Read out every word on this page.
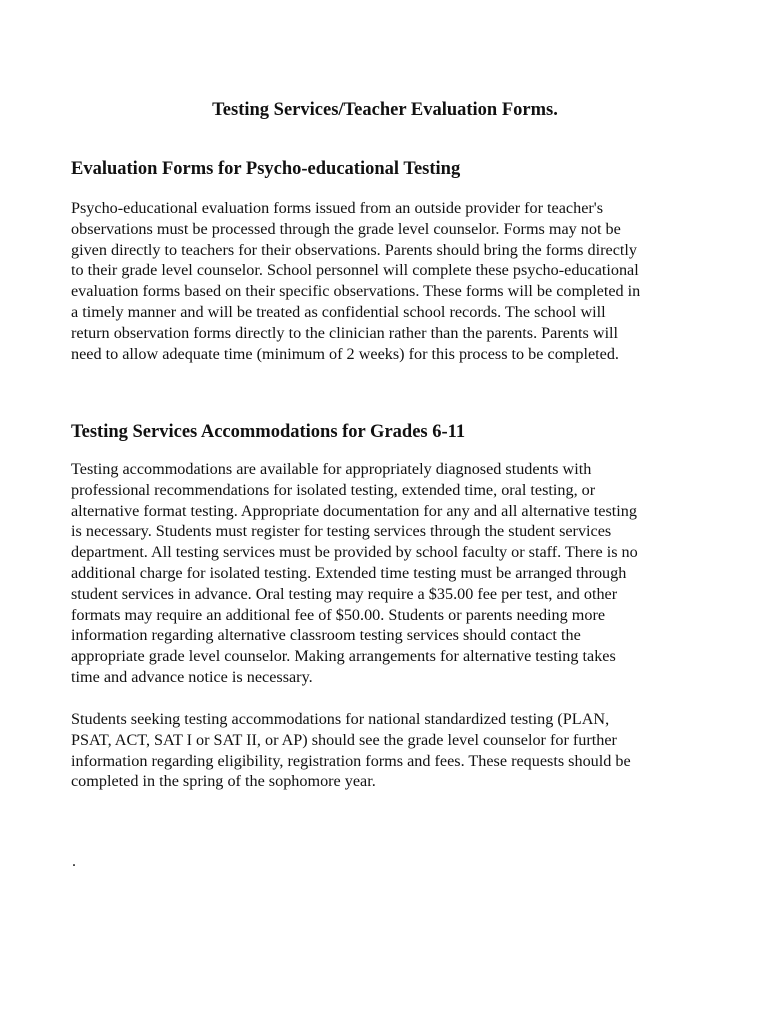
Testing Services/Teacher Evaluation Forms.
Evaluation Forms for Psycho-educational Testing

Psycho-educational evaluation forms issued from an outside provider for teacher's
observations must be processed through the grade level counselor. Forms may not be
given directly to teachers for their observations. Parents should bring the forms directly
to their grade level counselor. School personnel will complete these psycho-educational
evaluation forms based on their specific observations. These forms will be completed in
a timely manner and will be treated as confidential school records. The school will
return observation forms directly to the clinician rather than the parents. Parents will
need to allow adequate time (minimum of 2 weeks) for this process to be completed.

Testing Services Accommodations for Grades 6-11

Testing accommodations are available for appropriately diagnosed students with
professional recommendations for isolated testing, extended time, oral testing, or
alternative format testing. Appropriate documentation for any and all alternative testing
is necessary. Students must register for testing services through the student services
department. All testing services must be provided by school faculty or staff. There is no
additional charge for isolated testing. Extended time testing must be arranged through
student services in advance. Oral testing may require a $35.00 fee per test, and other
formats may require an additional fee of $50.00. Students or parents needing more
information regarding alternative classroom testing services should contact the
appropriate grade level counselor. Making arrangements for alternative testing takes
time and advance notice is necessary.

Students seeking testing accommodations for national standardized testing (PLAN,
PSAT, ACT, SAT I or SAT II, or AP) should see the grade level counselor for further
information regarding eligibility, registration forms and fees. These requests should be
completed in the spring of the sophomore year.

.
